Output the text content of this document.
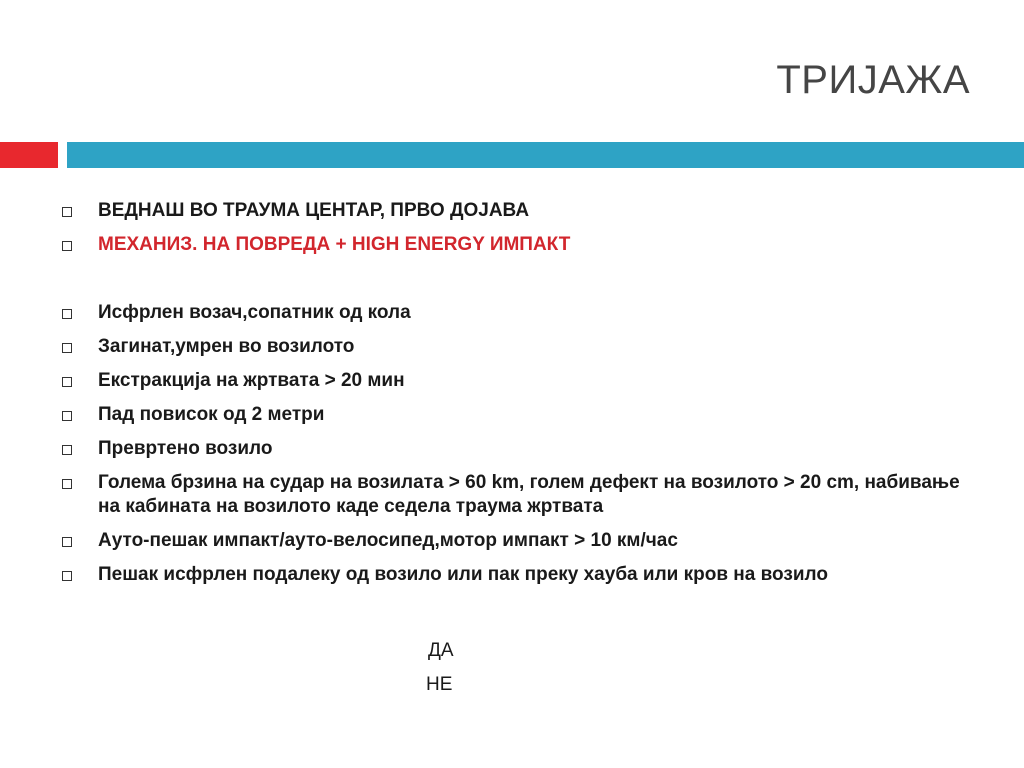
ТРИЈАЖА
ВЕДНАШ ВО ТРАУМА ЦЕНТАР, ПРВО ДОЈАВА
МЕХАНИЗ. НА ПОВРЕДА + HIGH ENERGY ИМПАКТ
Исфрлен возач,сопатник од кола
Загинат,умрен во возилото
Екстракција на жртвата > 20 мин
Пад повисок од 2 метри
Превртено возило
Голема брзина на судар на возилата > 60 km, голем дефект на возилото > 20 cm, набивање на кабината на возилото каде седела траума жртвата
Ауто-пешак импакт/ауто-велосипед,мотор импакт > 10 км/час
Пешак исфрлен подалеку од возило или пак преку хауба или кров на возило
ДА
НЕ
